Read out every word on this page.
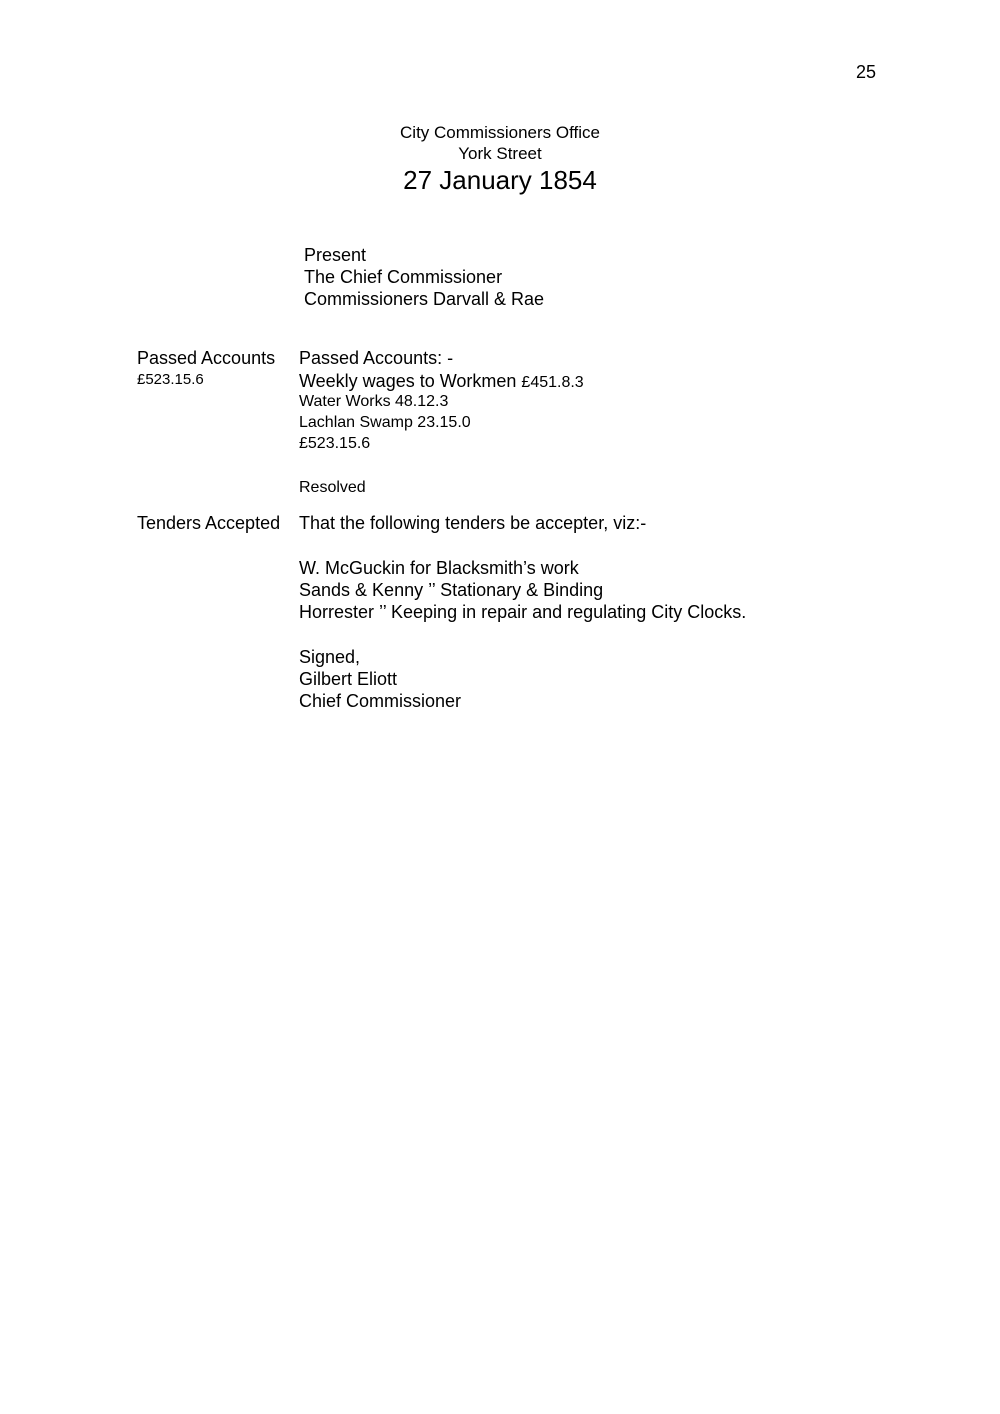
25
City Commissioners Office
York Street
27 January 1854
Present
The Chief Commissioner
Commissioners Darvall & Rae
Passed Accounts
£523.15.6
Passed Accounts: -
Weekly wages to Workmen £451.8.3
Water Works 48.12.3
Lachlan Swamp 23.15.0
£523.15.6
Resolved
Tenders Accepted That the following tenders be accepter, viz:-
W. McGuckin for Blacksmith’s work
Sands & Kenny ’’ Stationary & Binding
Horrester ’’ Keeping in repair and regulating City Clocks.
Signed,
Gilbert Eliott
Chief Commissioner
